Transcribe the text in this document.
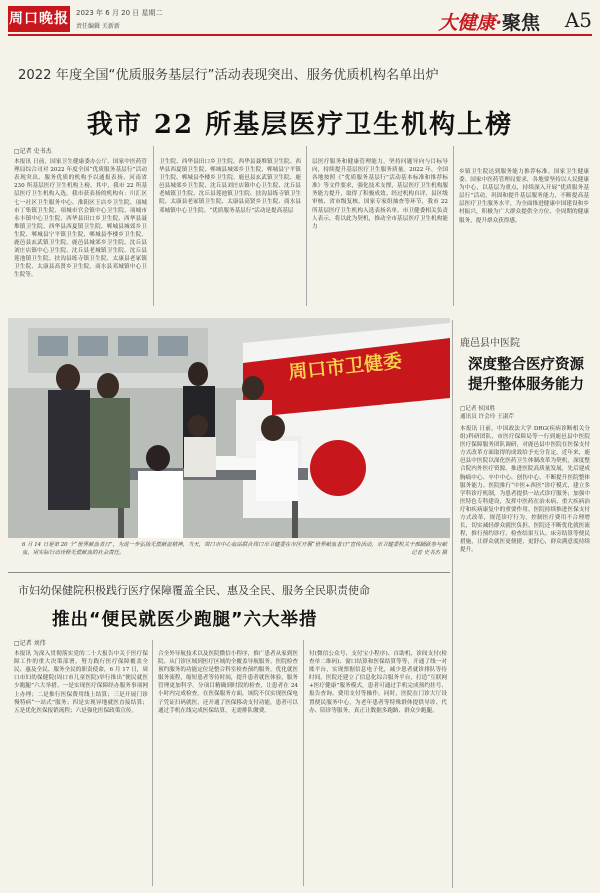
周口晚报 2023 年 6 月 20 日 星期二
责任编辑 关新新	大健康·聚焦 A5
2022 年度全国“优质服务基层行”活动表现突出、服务优质机构名单出炉
我市 22 所基层医疗卫生机构上榜
□记者 史书杰
本报讯 日前，国家卫生健康委办公厅、国家中医药管理局综合司对 2022 年度全国“优质服务基层行”活动表现突出、服务优质的机构予以通报表扬，河南省 230 所基层医疗卫生机构上榜。其中，我市 22 所基层医疗卫生机构入选。我市获表扬的机构有：川汇区七一社区卫生服务中心、淮阳区王店乡卫生院、项城市丁集镇卫生院、项城市官会镇中心卫生院、项城市永丰镇中心卫生院、西华县田口乡卫生院、西华县聂堆镇卫生院、西华县西夏镇卫生院、郸城县城郊乡卫生院、郸城县宁平镇卫生院、郸城县李楼乡卫生院、鹿邑县玄武镇卫生院、鹿邑县城郊乡卫生院、沈丘县刘庄店镇中心卫生院、沈丘县老城镇卫生院、沈丘县莲池镇卫生院、扶沟县练寺镇卫生院、太康县老冢镇卫生院、太康县高贤乡卫生院、商水县邓城镇中心卫生院等。
卫生院、西华县田口乡卫生院、西华县聂堆镇卫生院、西华县西夏镇卫生院、郸城县城郊乡卫生院、郸城县宁平镇卫生院、郸城县李楼乡卫生院、鹿邑县玄武镇卫生院、鹿邑县城郊乡卫生院、沈丘县刘庄店镇中心卫生院、沈丘县老城镇卫生院、沈丘县莲池镇卫生院、扶沟县练寺镇卫生院、太康县老冢镇卫生院、太康县高贤乡卫生院、商水县邓城镇中心卫生院。“优质服务基层行”活动是提高基层
层医疗服务和健康管理能力，坚持问题导向与目标导向，持续提升基层医疗卫生服务质量。2022 年，全国各地按照《“优质服务基层行”活动基本标准和推荐标准》等文件要求，强化技术支撑，基层医疗卫生机构服务能力提升，取得了积极成效。经过机构自评、县区级审核、省市级复核、国家专家组抽查等环节，我市 22 所基层医疗卫生机构入选表扬名单。市卫健委相关负责人表示，将以此为契机，推动全市基层医疗卫生机构能力
乡镇卫生院达到服务能力推荐标准。国家卫生健康委、国家中医药管理局要求，各地要坚持以人民健康为中心，以基层为重点，持续深入开展“优质服务基层行”活动，巩固和提升基层服务能力，不断提高基层医疗卫生服务水平，为全面推进健康中国建设和乡村振兴，积极为广大群众提供全方位、全周期的健康服务，提升群众获得感。
周口市卫健委
6 月 14 日是第 20 个“世界献血者日”，为进一步弘扬无偿献血精神，当天，周口市中心血站联合周口市卫健委在市区开展“世界献血者日”宣传活动，市卫健委机关干部踊跃参与献血，用实际行动诠释无偿献血的社会责任。	记者 史书杰 摄
鹿邑县中医院
深度整合医疗资源
提升整体服务能力
□记者 侯国胜
通讯员 许会玲 王淑芹
本报讯 日前，中国政法大学 DRG(疾病诊断相关分组)科研团队、市医疗保障局等一行到鹿邑县中医院医疗保障服务团队调研，对鹿邑县中医院在医保支付方式改革方面取得的成效给予充分肯定。近年来，鹿邑县中医院以深化医药卫生体制改革为契机，深度整合院内外医疗资源，推进医院高质量发展，先后建成胸痛中心、卒中中心、创伤中心，不断提升医院整体服务能力。医院推行“中医+西医”诊疗模式，建立多学科诊疗机制，为患者提供一站式诊疗服务；加强中医特色专科建设，发挥中医药在治未病、重大疾病治疗和疾病康复中的重要作用。医院持续推进医保支付方式改革，规范诊疗行为，控制医疗费用不合理增长，切实减轻群众就医负担。医院还不断优化就医流程，推行预约诊疗、检查结果互认、床旁结算等便民措施，让群众就医更便捷、更舒心，群众满意度持续提升。
市妇幼保健院积极践行医疗保障覆盖全民、惠及全民、服务全民职责使命
推出“便民就医少跑腿”六大举措
□记者 刘伟
本报讯 为深入贯彻落实党的二十大报告中关于医疗保障工作的重大决策部署，努力践行医疗保障覆盖全民、惠及全民、服务全民的职责使命，6 月 17 日，周口市妇幼保健院(周口市儿童医院)举行推出“便民就医少跑腿”六大举措。一是实现医疗保障经办服务事项网上办理；二是推行医保费用线上结算；三是开展门诊慢特病“一站式”服务；四是实现异地就医直接结算；五是优化医保报销流程；六是强化医保政策宣传。
合全外导航技术以及医院微信小程序，推广患者从家到医院、从门诊区域到医疗区域的全覆盖导航服务。医院检查预约服务的功能定位是整合科室检查预约服务，优化就医服务流程，缩短患者等待时间，提升患者就医体验，服务管理更加科学。分项目精确到时段的检查，让患者在 24 小时内完成检查。在医保服务方面，该院不仅实现医保电子凭证扫码就医，还开通了医保移动支付功能，患者可以通过手机在线完成医保结算，无需排队缴费。
付(微信公众号、支付宝小程序)、自助机、诊间支付(检查单二维码)、窗口结算和医保结算等等，开通了线一对账平台，实现票据信息电子化，减少患者就诊排队等待时间。医院还建立了信息化综合服务平台，打造“互联网+医疗健康”服务模式，患者可通过手机完成预约挂号、报告查询、费用支付等操作。同时，医院在门诊大厅设置便民服务中心，为老年患者等特殊群体提供导诊、代办、陪诊等服务，真正让数据多跑路、群众少跑腿。
